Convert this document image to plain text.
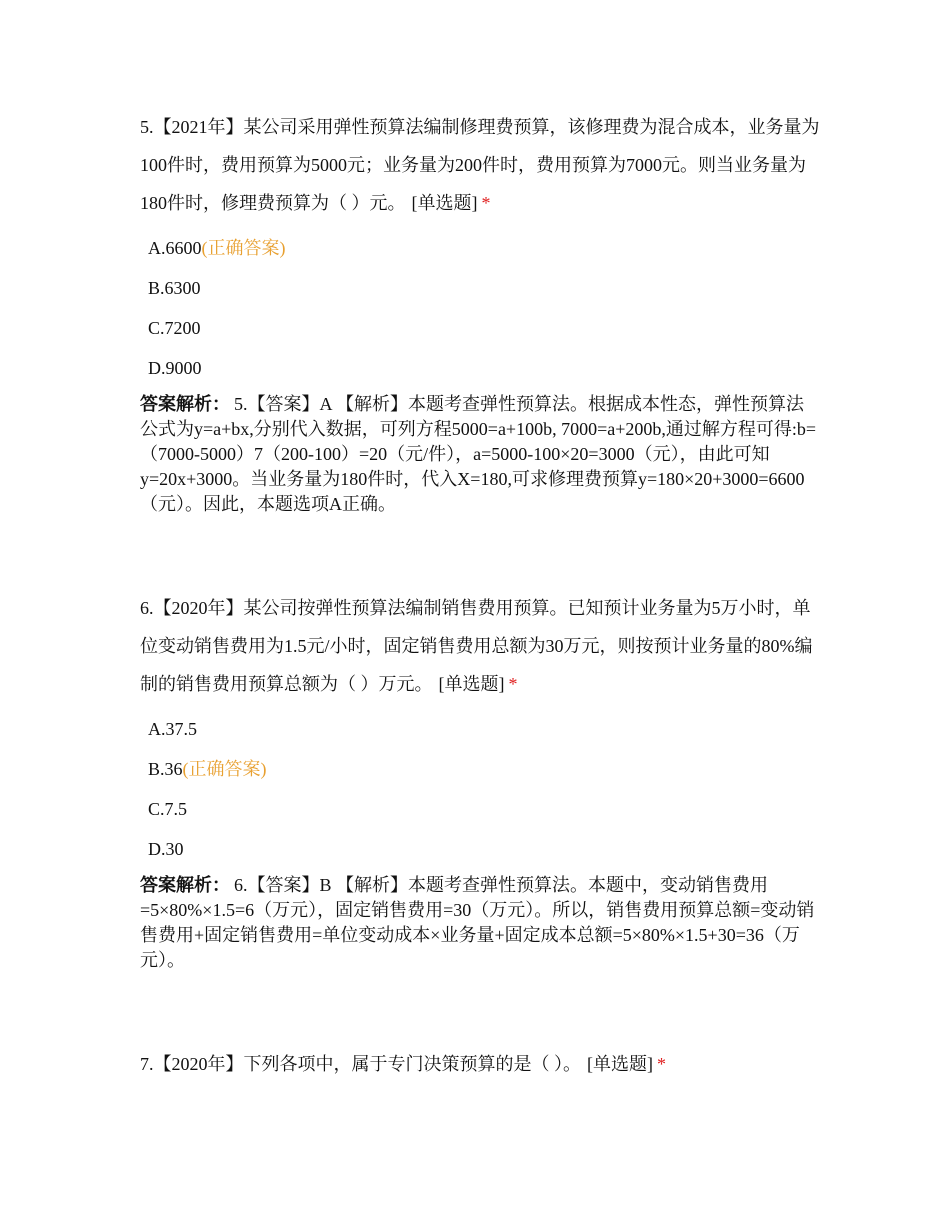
5.【2021年】某公司采用弹性预算法编制修理费预算，该修理费为混合成本，业务量为100件时，费用预算为5000元；业务量为200件时，费用预算为7000元。则当业务量为180件时，修理费预算为（ ）元。 [单选题] *

A.6600(正确答案)
B.6300
C.7200
D.9000

答案解析： 5.【答案】A 【解析】本题考查弹性预算法。根据成本性态，弹性预算法公式为y=a+bx,分别代入数据，可列方程5000=a+100b, 7000=a+200b,通过解方程可得:b=（7000-5000）7（200-100）=20（元/件），a=5000-100×20=3000（元），由此可知y=20x+3000。当业务量为180件时，代入X=180,可求修理费预算y=180×20+3000=6600（元）。因此，本题选项A正确。

6.【2020年】某公司按弹性预算法编制销售费用预算。已知预计业务量为5万小时，单位变动销售费用为1.5元/小时，固定销售费用总额为30万元，则按预计业务量的80%编制的销售费用预算总额为（ ）万元。 [单选题] *

A.37.5
B.36(正确答案)
C.7.5
D.30

答案解析： 6.【答案】B 【解析】本题考查弹性预算法。本题中，变动销售费用=5×80%×1.5=6（万元），固定销售费用=30（万元）。所以，销售费用预算总额=变动销售费用+固定销售费用=单位变动成本×业务量+固定成本总额=5×80%×1.5+30=36（万元）。

7.【2020年】下列各项中，属于专门决策预算的是（ ）。 [单选题] *
